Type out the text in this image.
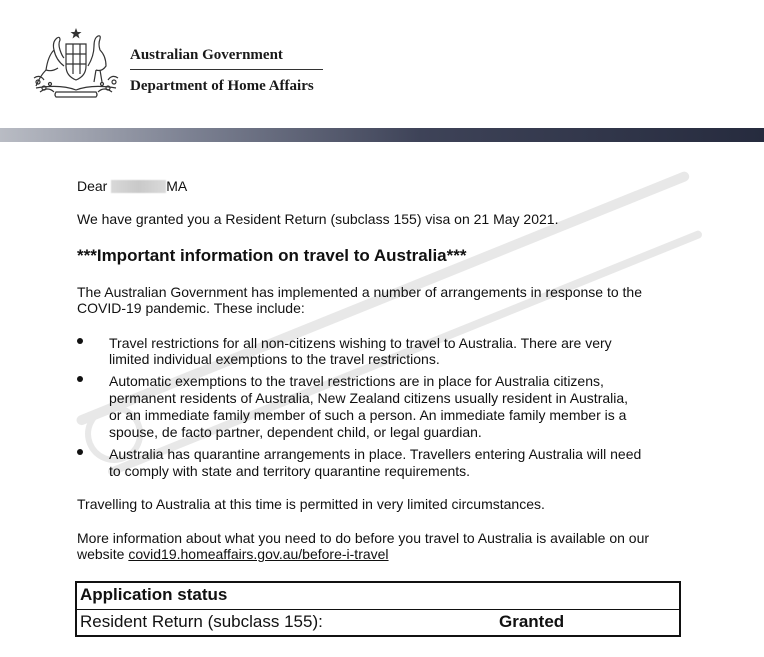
Australian Government
Department of Home Affairs
Dear	MA
We have granted you a Resident Return (subclass 155) visa on 21 May 2021.
***Important information on travel to Australia***
The Australian Government has implemented a number of arrangements in response to the
COVID-19 pandemic. These include:
Travel restrictions for all non-citizens wishing to travel to Australia. There are very
limited individual exemptions to the travel restrictions.
Automatic exemptions to the travel restrictions are in place for Australia citizens,
permanent residents of Australia, New Zealand citizens usually resident in Australia,
or an immediate family member of such a person. An immediate family member is a
spouse, de facto partner, dependent child, or legal guardian.
Australia has quarantine arrangements in place. Travellers entering Australia will need
to comply with state and territory quarantine requirements.
Travelling to Australia at this time is permitted in very limited circumstances.
More information about what you need to do before you travel to Australia is available on our
website covid19.homeaffairs.gov.au/before-i-travel
Application status
Resident Return (subclass 155):	Granted
